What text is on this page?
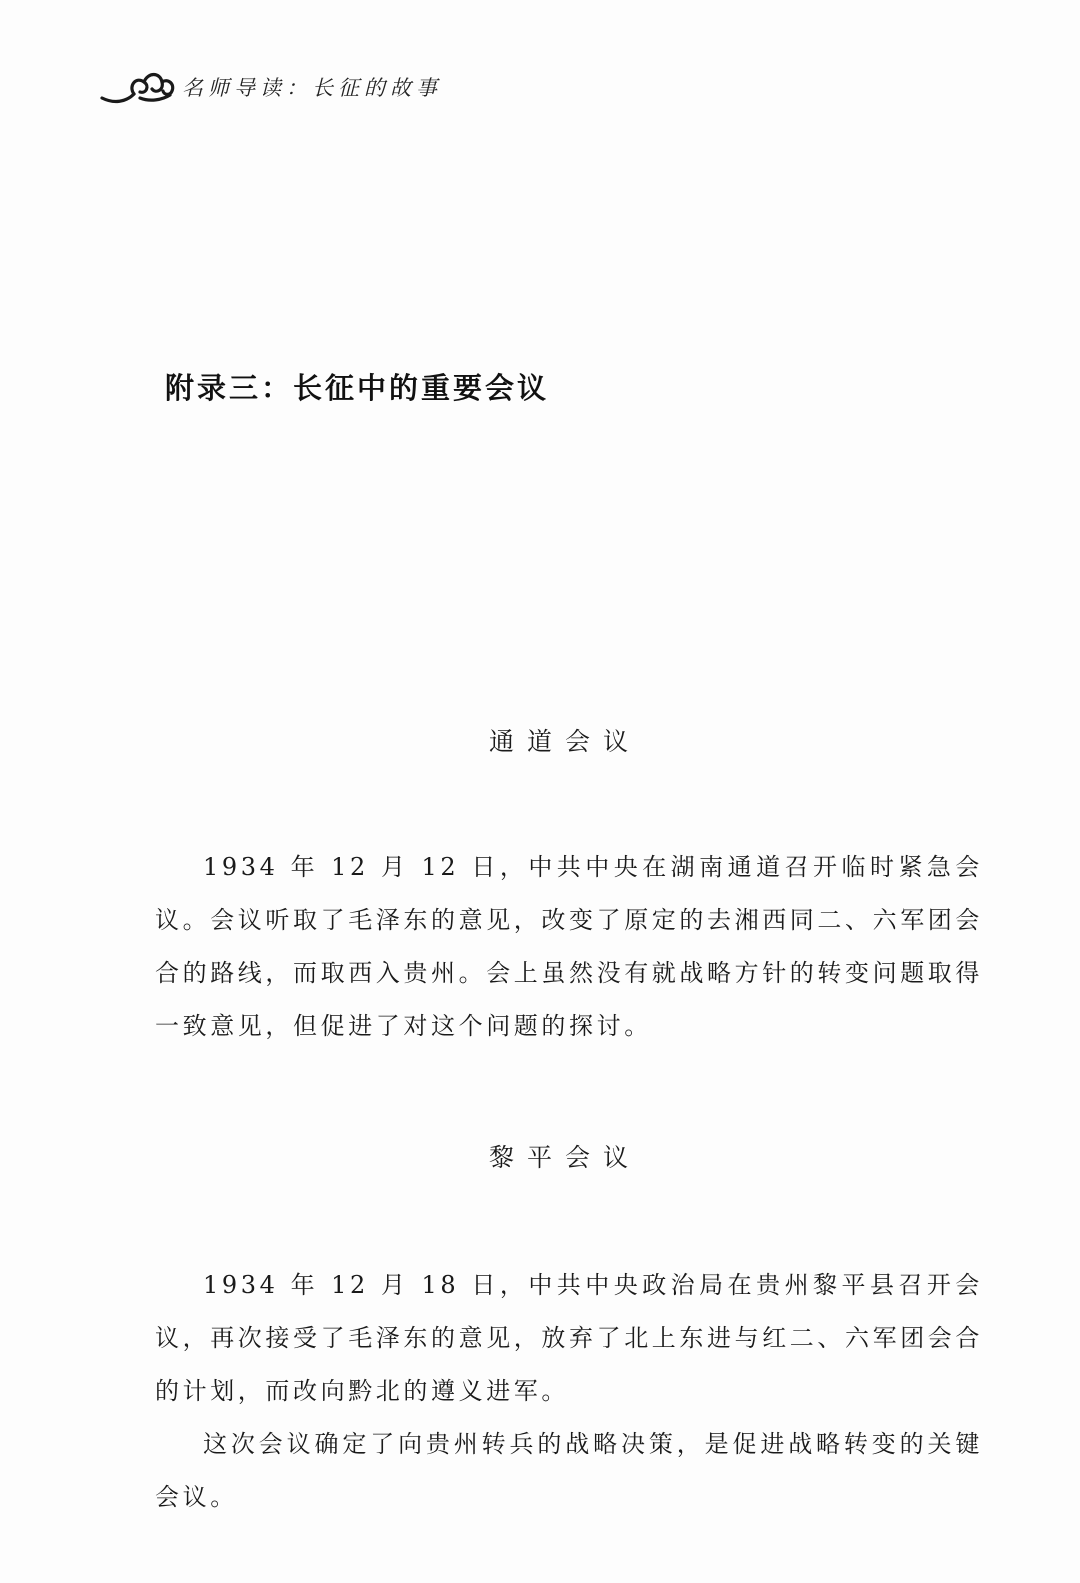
名师导读：长征的故事
附录三：长征中的重要会议
通道会议

1934 年 12 月 12 日，中共中央在湖南通道召开临时紧急会议。会议听取了毛泽东的意见，改变了原定的去湘西同二、六军团会合的路线，而取西入贵州。会上虽然没有就战略方针的转变问题取得一致意见，但促进了对这个问题的探讨。

黎平会议

1934 年 12 月 18 日，中共中央政治局在贵州黎平县召开会议，再次接受了毛泽东的意见，放弃了北上东进与红二、六军团会合的计划，而改向黔北的遵义进军。

这次会议确定了向贵州转兵的战略决策，是促进战略转变的关键会议。
